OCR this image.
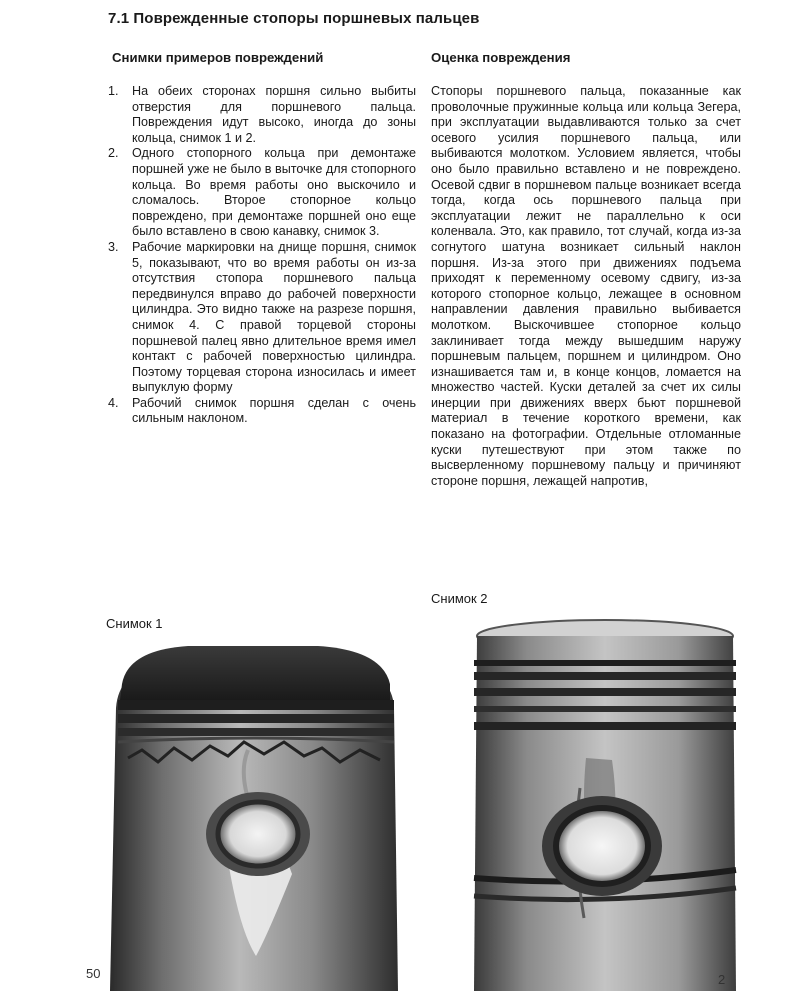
7.1 Поврежденные стопоры поршневых пальцев
Снимки примеров повреждений	Оценка повреждения
1. На обеих сторонах поршня сильно выбиты отверстия для поршневого пальца. Повреждения идут высоко, иногда до зоны кольца, снимок 1 и 2.
2. Одного стопорного кольца при демонтаже поршней уже не было в выточке для стопорного кольца. Во время работы оно выскочило и сломалось. Второе стопорное кольцо повреждено, при демонтаже поршней оно еще было вставлено в свою канавку, снимок 3.
3. Рабочие маркировки на днище поршня, снимок 5, показывают, что во время работы он из-за отсутствия стопора поршневого пальца передвинулся вправо до рабочей поверхности цилиндра. Это видно также на разрезе поршня, снимок 4. С правой торцевой стороны поршневой палец явно длительное время имел контакт с рабочей поверхностью цилиндра. Поэтому торцевая сторона износилась и имеет выпуклую форму
4. Рабочий снимок поршня сделан с очень сильным наклоном.
Стопоры поршневого пальца, показанные как проволочные пружинные кольца или кольца Зегера, при эксплуатации выдавливаются только за счет осевого усилия поршневого пальца, или выбиваются молотком. Условием является, чтобы оно было правильно вставлено и не повреждено. Осевой сдвиг в поршневом пальце возникает всегда тогда, когда ось поршневого пальца при эксплуатации лежит не параллельно к оси коленвала. Это, как правило, тот случай, когда из-за согнутого шатуна возникает сильный наклон поршня. Из-за этого при движениях подъема приходят к переменному осевому сдвигу, из-за которого стопорное кольцо, лежащее в основном направлении давления правильно выбивается молотком. Выскочившее стопорное кольцо заклинивает тогда между вышедшим наружу поршневым пальцем, поршнем и цилиндром. Оно изнашивается там и, в конце концов, ломается на множество частей. Куски деталей за счет их силы инерции при движениях вверх бьют поршневой материал в течение короткого времени, как показано на фотографии. Отдельные отломанные куски путешествуют при этом также по высверленному поршневому пальцу и причиняют стороне поршня, лежащей напротив,
Снимок 2
Снимок 1
50	2
